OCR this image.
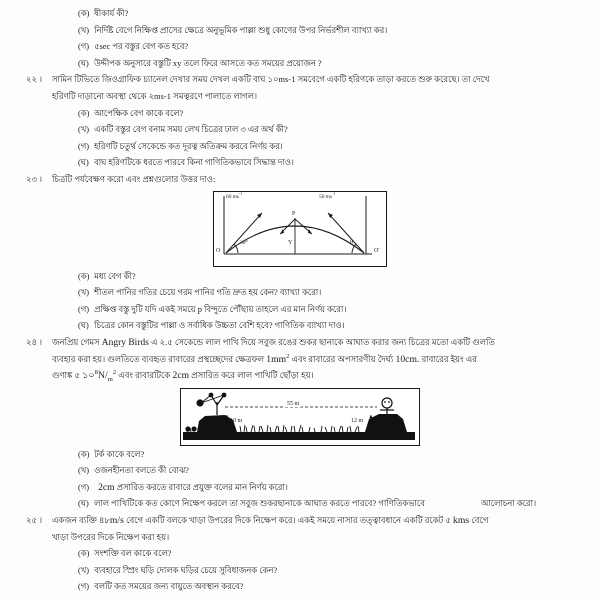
(ক) ষীকার্য কী?
(খ) নির্দিষ্ট বেগে নিক্ষিপ্ত প্রাসের ক্ষেত্রে অনুভূমিক পাল্লা শুধু কোণের উপর নির্ভরশীল ব্যাখ্যা কর।
(গ) ৫sec পর বস্তুর বেগ কত হবে?
(ঘ) উদ্দীপক অনুসারে বস্তুটি xy তলে ফিরে আসতে কত সময়ের প্রয়োজন ?
২২ ।	সামিন টিভিতে জিওগ্রাফিক চ্যানেল দেখার সময় দেখল একটি বাঘ ১০ms-1 সমবেগে একটি হরিণকে তাড়া করতে শুরু করেছে। তা দেখে
হরিণটি দাড়ানো অবস্থা থেকে ২ms-1 সমত্বরণে পালাতে লাগল।
(ক) আপেক্ষিক বেগ কাকে বলে?
(খ) একটি বস্তুর বেগ বনাম সময় লেখ চিত্রের ঢাল ৩ এর অর্থ কী?
(গ) হরিণটি চতুর্থ সেকেন্ডে কত দূরত্ব অতিক্রম করবে নির্ণয় কর।
(ঘ) বাঘ হরিণটিকে ধরতে পারবে কিনা গাণিতিকভাবে সিদ্ধান্ত দাও।
২৩ ।	চিত্রটি পর্যবেক্ষণ করো এবং প্রশ্নগুলোর উত্তর দাও:
60 $ms^{-1}$	50 $ms^{-1}$
O	O'
30°	θ
P
Y
(ক) মধ্য বেগ কী?
(খ) শীতল পানির গতির চেয়ে গরম পানির গতি দ্রুত হয় কেন? ব্যাখ্যা করো।
(গ) প্রক্ষিপ্ত বস্তু দুটি যদি একই সময়ে p বিন্দুতে পৌঁছায় তাহলে এর মান নির্ণয় করো।
(ঘ) চিত্রের কোন বস্তুটির পাল্লা ও সর্বাধিক উচ্চতা বেশি হবে? গাণিতিক ব্যাখ্যা দাও।
২৪ ।	জনপ্রিয় গেমস Angry Birds এ ২.৫ সেকেন্ডে লাল পাখি দিয়ে সবুজ রঙের শুকর ছানাকে আঘাত করার জন্য চিত্রের মতো একটি গুলতি
ব্যবহার করা হয়। গুলতিতে ব্যবহৃত রাবারের প্রস্থচ্ছেদের ক্ষেত্রফল $1mm^2$ এবং রাবারের অপসারণীয় দৈর্ঘ্য 10cm. রাবারের ইয়ং এর
গুণাঙ্ক ৫ $১০^8N/_m^2$ এবং রাবারটিকে 2cm প্রসারিত করে লাল পাখিটি ছোঁড়া হয়।
55 m
10 m	12 m
(ক) টর্ক কাকে বলে?
(খ) ওজনহীনতা বলতে কী বোঝ?
(গ) 2cm প্রসারিত করতে রাবারে প্রযুক্ত বলের মান নির্ণয় করো।
(ঘ) লাল পাখিটিকে কত কোণে নিক্ষেপ করলে তা সবুজ শুকরছানাকে আঘাত করতে পারবে? গাণিতিকভাবে	আলোচনা করো।
২৫ ।	একজন ব্যক্তি ৪৮m/s বেগে একটি বলকে খাড়া উপরের দিকে নিক্ষেপ করে। একই সময়ে নাসার তত্ত্বাবধানে একটি রকেট ৫ kms বেগে
খাড়া উপরের দিকে নিক্ষেপ করা হয়।
(ক) সংশক্তি বল কাকে বলে?
(খ) ব্যবহারে স্প্রিং ঘড়ি দোলক ঘড়ির চেয়ে সুবিধাজনক কেন?
(গ) বলটি কত সময়ের জন্য বায়ুতে অবস্থান করবে?
